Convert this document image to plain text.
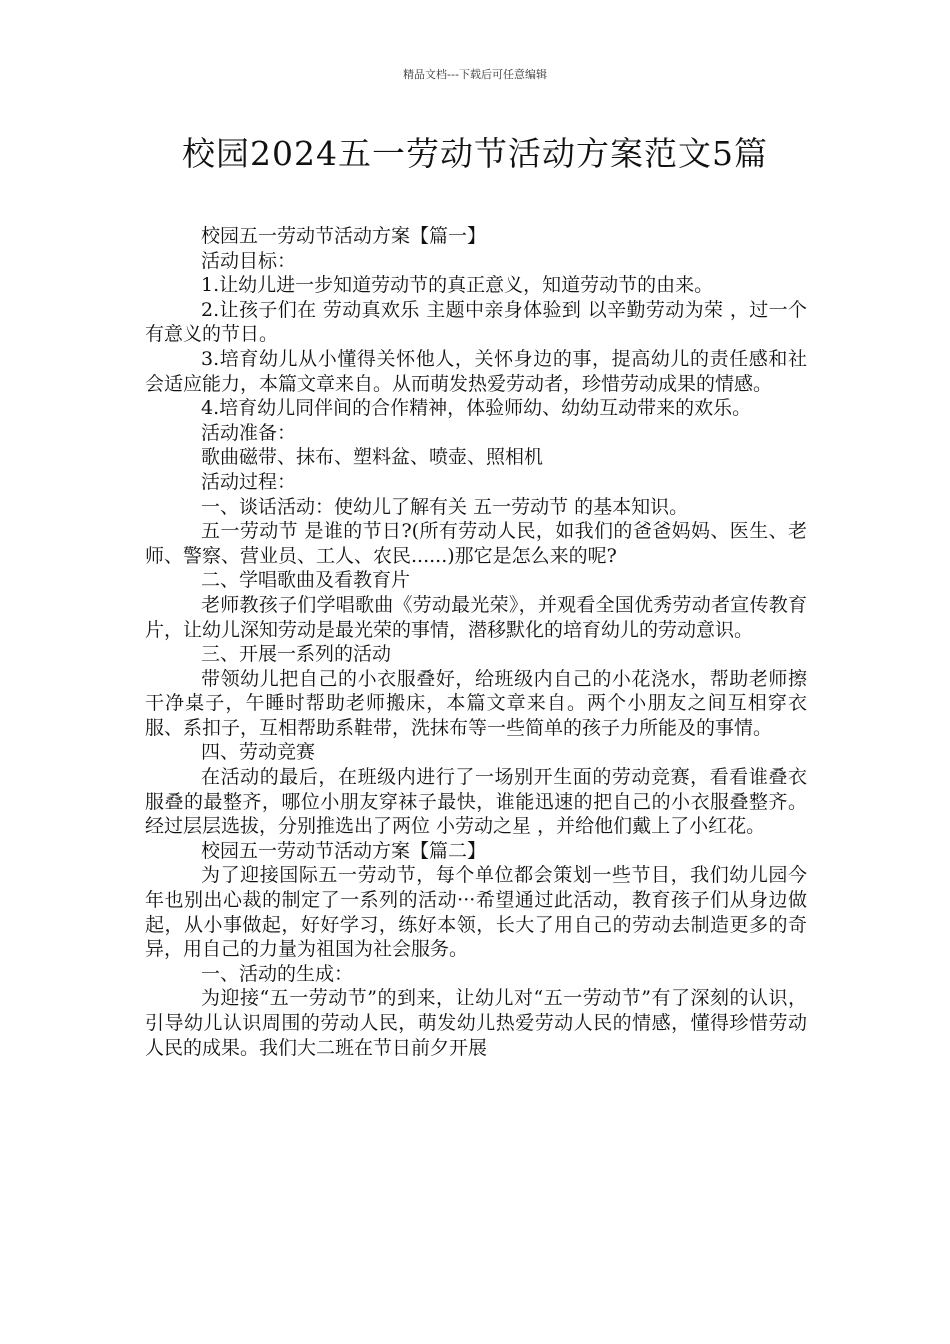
精品文档---下载后可任意编辑
校园2024五一劳动节活动方案范文5篇

校园五一劳动节活动方案【篇一】

活动目标：

1.让幼儿进一步知道劳动节的真正意义，知道劳动节的由来。

2.让孩子们在 劳动真欢乐 主题中亲身体验到 以辛勤劳动为荣 ，过一个有意义的节日。

3.培育幼儿从小懂得关怀他人，关怀身边的事，提高幼儿的责任感和社会适应能力，本篇文章来自。从而萌发热爱劳动者，珍惜劳动成果的情感。

4.培育幼儿同伴间的合作精神，体验师幼、幼幼互动带来的欢乐。

活动准备：

歌曲磁带、抹布、塑料盆、喷壶、照相机

活动过程：

一、谈话活动：使幼儿了解有关 五一劳动节 的基本知识。

五一劳动节 是谁的节日?(所有劳动人民，如我们的爸爸妈妈、医生、老师、警察、营业员、工人、农民......)那它是怎么来的呢?

二、学唱歌曲及看教育片

老师教孩子们学唱歌曲《劳动最光荣》，并观看全国优秀劳动者宣传教育片，让幼儿深知劳动是最光荣的事情，潜移默化的培育幼儿的劳动意识。

三、开展一系列的活动

带领幼儿把自己的小衣服叠好，给班级内自己的小花浇水，帮助老师擦干净桌子，午睡时帮助老师搬床，本篇文章来自。两个小朋友之间互相穿衣服、系扣子，互相帮助系鞋带，洗抹布等一些简单的孩子力所能及的事情。

四、劳动竞赛

在活动的最后，在班级内进行了一场别开生面的劳动竞赛，看看谁叠衣服叠的最整齐，哪位小朋友穿袜子最快，谁能迅速的把自己的小衣服叠整齐。经过层层选拔，分别推选出了两位 小劳动之星 ，并给他们戴上了小红花。

校园五一劳动节活动方案【篇二】

为了迎接国际五一劳动节，每个单位都会策划一些节目，我们幼儿园今年也别出心裁的制定了一系列的活动···希望通过此活动，教育孩子们从身边做起，从小事做起，好好学习，练好本领，长大了用自己的劳动去制造更多的奇异，用自己的力量为祖国为社会服务。

一、活动的生成：

为迎接“五一劳动节”的到来，让幼儿对“五一劳动节”有了深刻的认识，引导幼儿认识周围的劳动人民，萌发幼儿热爱劳动人民的情感，懂得珍惜劳动人民的成果。我们大二班在节日前夕开展
